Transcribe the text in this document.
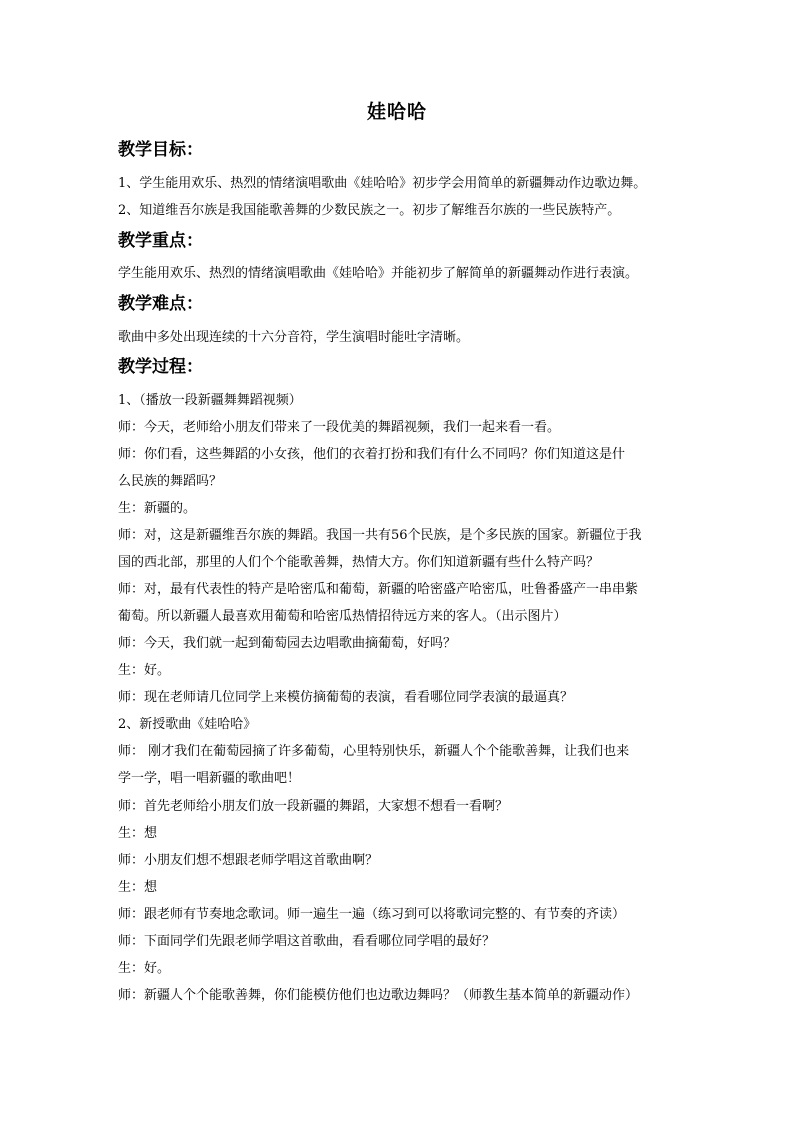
娃哈哈
教学目标：
1、学生能用欢乐、热烈的情绪演唱歌曲《娃哈哈》初步学会用简单的新疆舞动作边歌边舞。
2、知道维吾尔族是我国能歌善舞的少数民族之一。初步了解维吾尔族的一些民族特产。
教学重点：
学生能用欢乐、热烈的情绪演唱歌曲《娃哈哈》并能初步了解简单的新疆舞动作进行表演。
教学难点：
歌曲中多处出现连续的十六分音符，学生演唱时能吐字清晰。
教学过程：
1、（播放一段新疆舞舞蹈视频）
师：今天，老师给小朋友们带来了一段优美的舞蹈视频，我们一起来看一看。
师：你们看，这些舞蹈的小女孩，他们的衣着打扮和我们有什么不同吗？你们知道这是什
么民族的舞蹈吗？
生：新疆的。
师：对，这是新疆维吾尔族的舞蹈。我国一共有56个民族，是个多民族的国家。新疆位于我
国的西北部，那里的人们个个能歌善舞，热情大方。你们知道新疆有些什么特产吗？
师：对，最有代表性的特产是哈密瓜和葡萄，新疆的哈密盛产哈密瓜，吐鲁番盛产一串串紫
葡萄。所以新疆人最喜欢用葡萄和哈密瓜热情招待远方来的客人。（出示图片）
师：今天，我们就一起到葡萄园去边唱歌曲摘葡萄，好吗？
生：好。
师：现在老师请几位同学上来模仿摘葡萄的表演，看看哪位同学表演的最逼真？
2、新授歌曲《娃哈哈》
师： 刚才我们在葡萄园摘了许多葡萄，心里特别快乐，新疆人个个能歌善舞，让我们也来
学一学，唱一唱新疆的歌曲吧！
师：首先老师给小朋友们放一段新疆的舞蹈，大家想不想看一看啊？
生：想
师：小朋友们想不想跟老师学唱这首歌曲啊？
生：想
师：跟老师有节奏地念歌词。师一遍生一遍（练习到可以将歌词完整的、有节奏的齐读）
师：下面同学们先跟老师学唱这首歌曲，看看哪位同学唱的最好？
生：好。
师：新疆人个个能歌善舞，你们能模仿他们也边歌边舞吗？（师教生基本简单的新疆动作）
